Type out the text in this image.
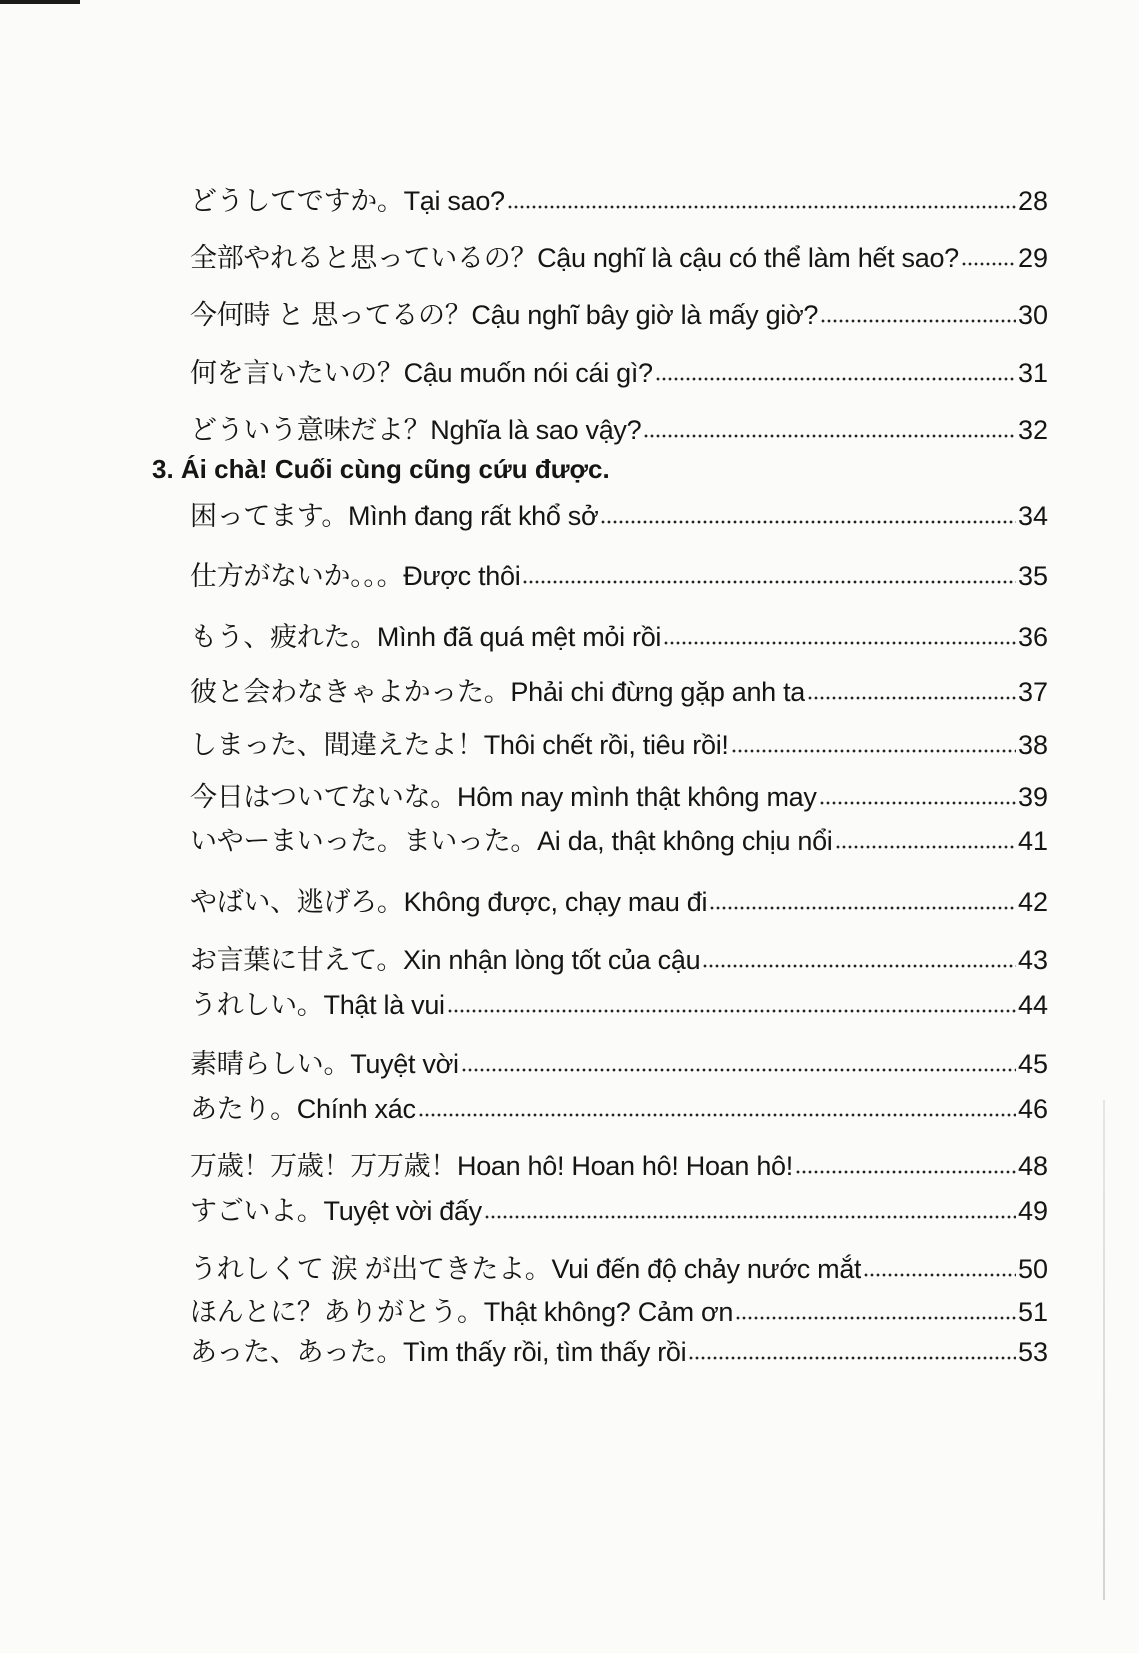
どうしてですか。Tại sao?	28
全部やれると思っているの？Cậu nghĩ là cậu có thể làm hết sao? 29
今何時 と 思ってるの？Cậu nghĩ bây giờ là mấy giờ?	30
何を言いたいの？Cậu muốn nói cái gì?	31
どういう意味だよ？Nghĩa là sao vậy?	32
3. Ái chà! Cuối cùng cũng cứu được.
困ってます。Mình đang rất khổ sở	34
仕方がないか。。。Được thôi	35
もう、疲れた。Mình đã quá mệt mỏi rồi	36
彼と会わなきゃよかった。Phải chi đừng gặp anh ta	37
しまった、間違えたよ！Thôi chết rồi, tiêu rồi!	38
今日はついてないな。Hôm nay mình thật không may	39
いやーまいった。まいった。Ai da, thật không chịu nổi	41
やばい、逃げろ。Không được, chạy mau đi	42
お言葉に甘えて。Xin nhận lòng tốt của cậu	43
うれしい。Thật là vui	44
素晴らしい。Tuyệt vời	45
あたり。Chính xác	46
万歳！万歳！万万歳！Hoan hô! Hoan hô! Hoan hô!	48
すごいよ。Tuyệt vời đấy	49
うれしくて 涙 が出てきたよ。Vui đến độ chảy nước mắt	50
ほんとに？ありがとう。Thật không? Cảm ơn	51
あった、あった。Tìm thấy rồi, tìm thấy rồi	53
